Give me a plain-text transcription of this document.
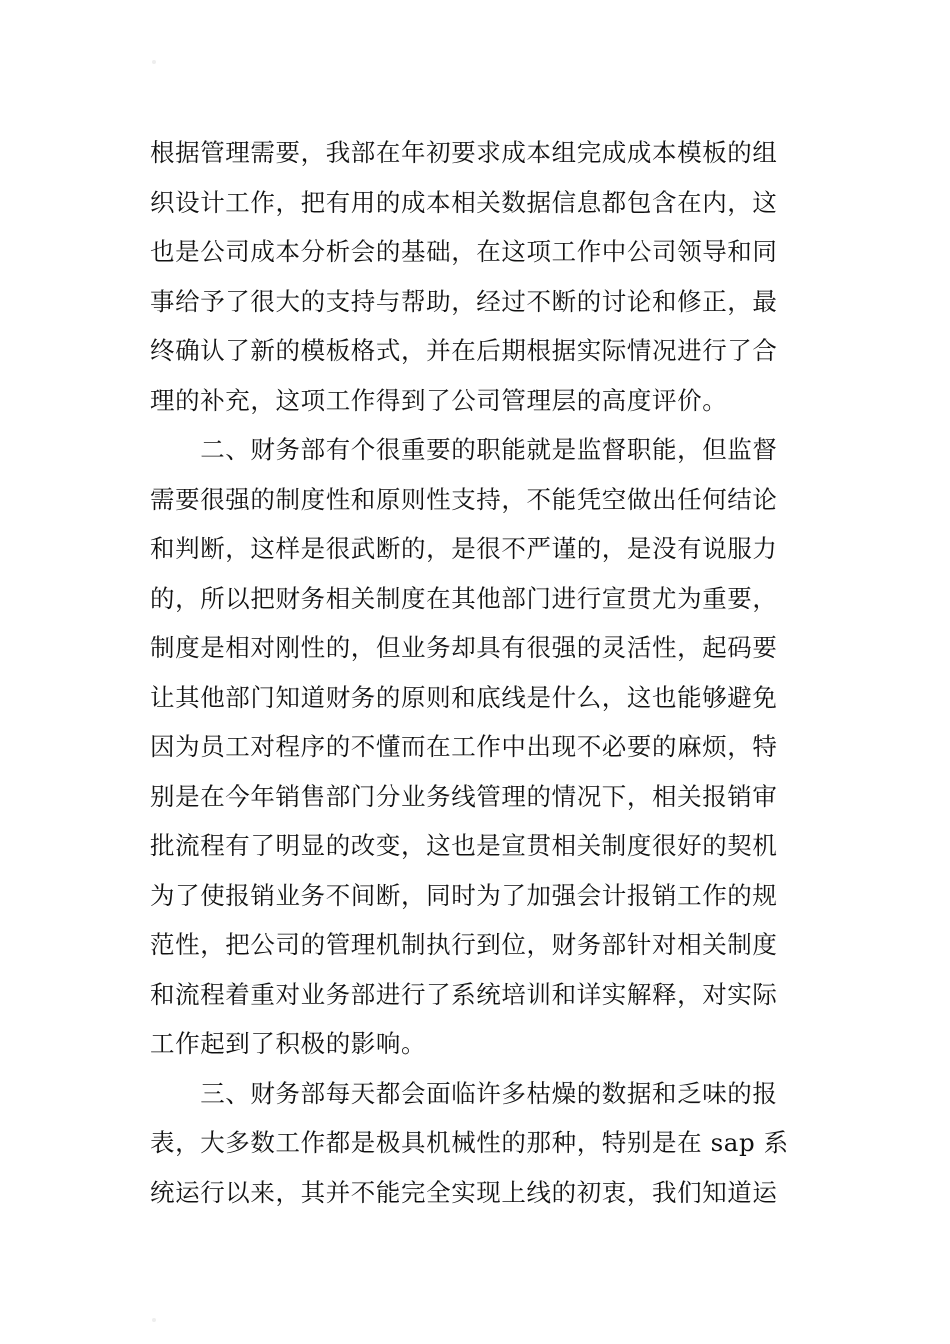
根据管理需要，我部在年初要求成本组完成成本模板的组
织设计工作，把有用的成本相关数据信息都包含在内，这
也是公司成本分析会的基础，在这项工作中公司领导和同
事给予了很大的支持与帮助，经过不断的讨论和修正，最
终确认了新的模板格式，并在后期根据实际情况进行了合
理的补充，这项工作得到了公司管理层的高度评价。
　　二、财务部有个很重要的职能就是监督职能，但监督
需要很强的制度性和原则性支持，不能凭空做出任何结论
和判断，这样是很武断的，是很不严谨的，是没有说服力
的，所以把财务相关制度在其他部门进行宣贯尤为重要，
制度是相对刚性的，但业务却具有很强的灵活性，起码要
让其他部门知道财务的原则和底线是什么，这也能够避免
因为员工对程序的不懂而在工作中出现不必要的麻烦，特
别是在今年销售部门分业务线管理的情况下，相关报销审
批流程有了明显的改变，这也是宣贯相关制度很好的契机
为了使报销业务不间断，同时为了加强会计报销工作的规
范性，把公司的管理机制执行到位，财务部针对相关制度
和流程着重对业务部进行了系统培训和详实解释，对实际
工作起到了积极的影响。
　　三、财务部每天都会面临许多枯燥的数据和乏味的报
表，大多数工作都是极具机械性的那种，特别是在 sap 系
统运行以来，其并不能完全实现上线的初衷，我们知道运
